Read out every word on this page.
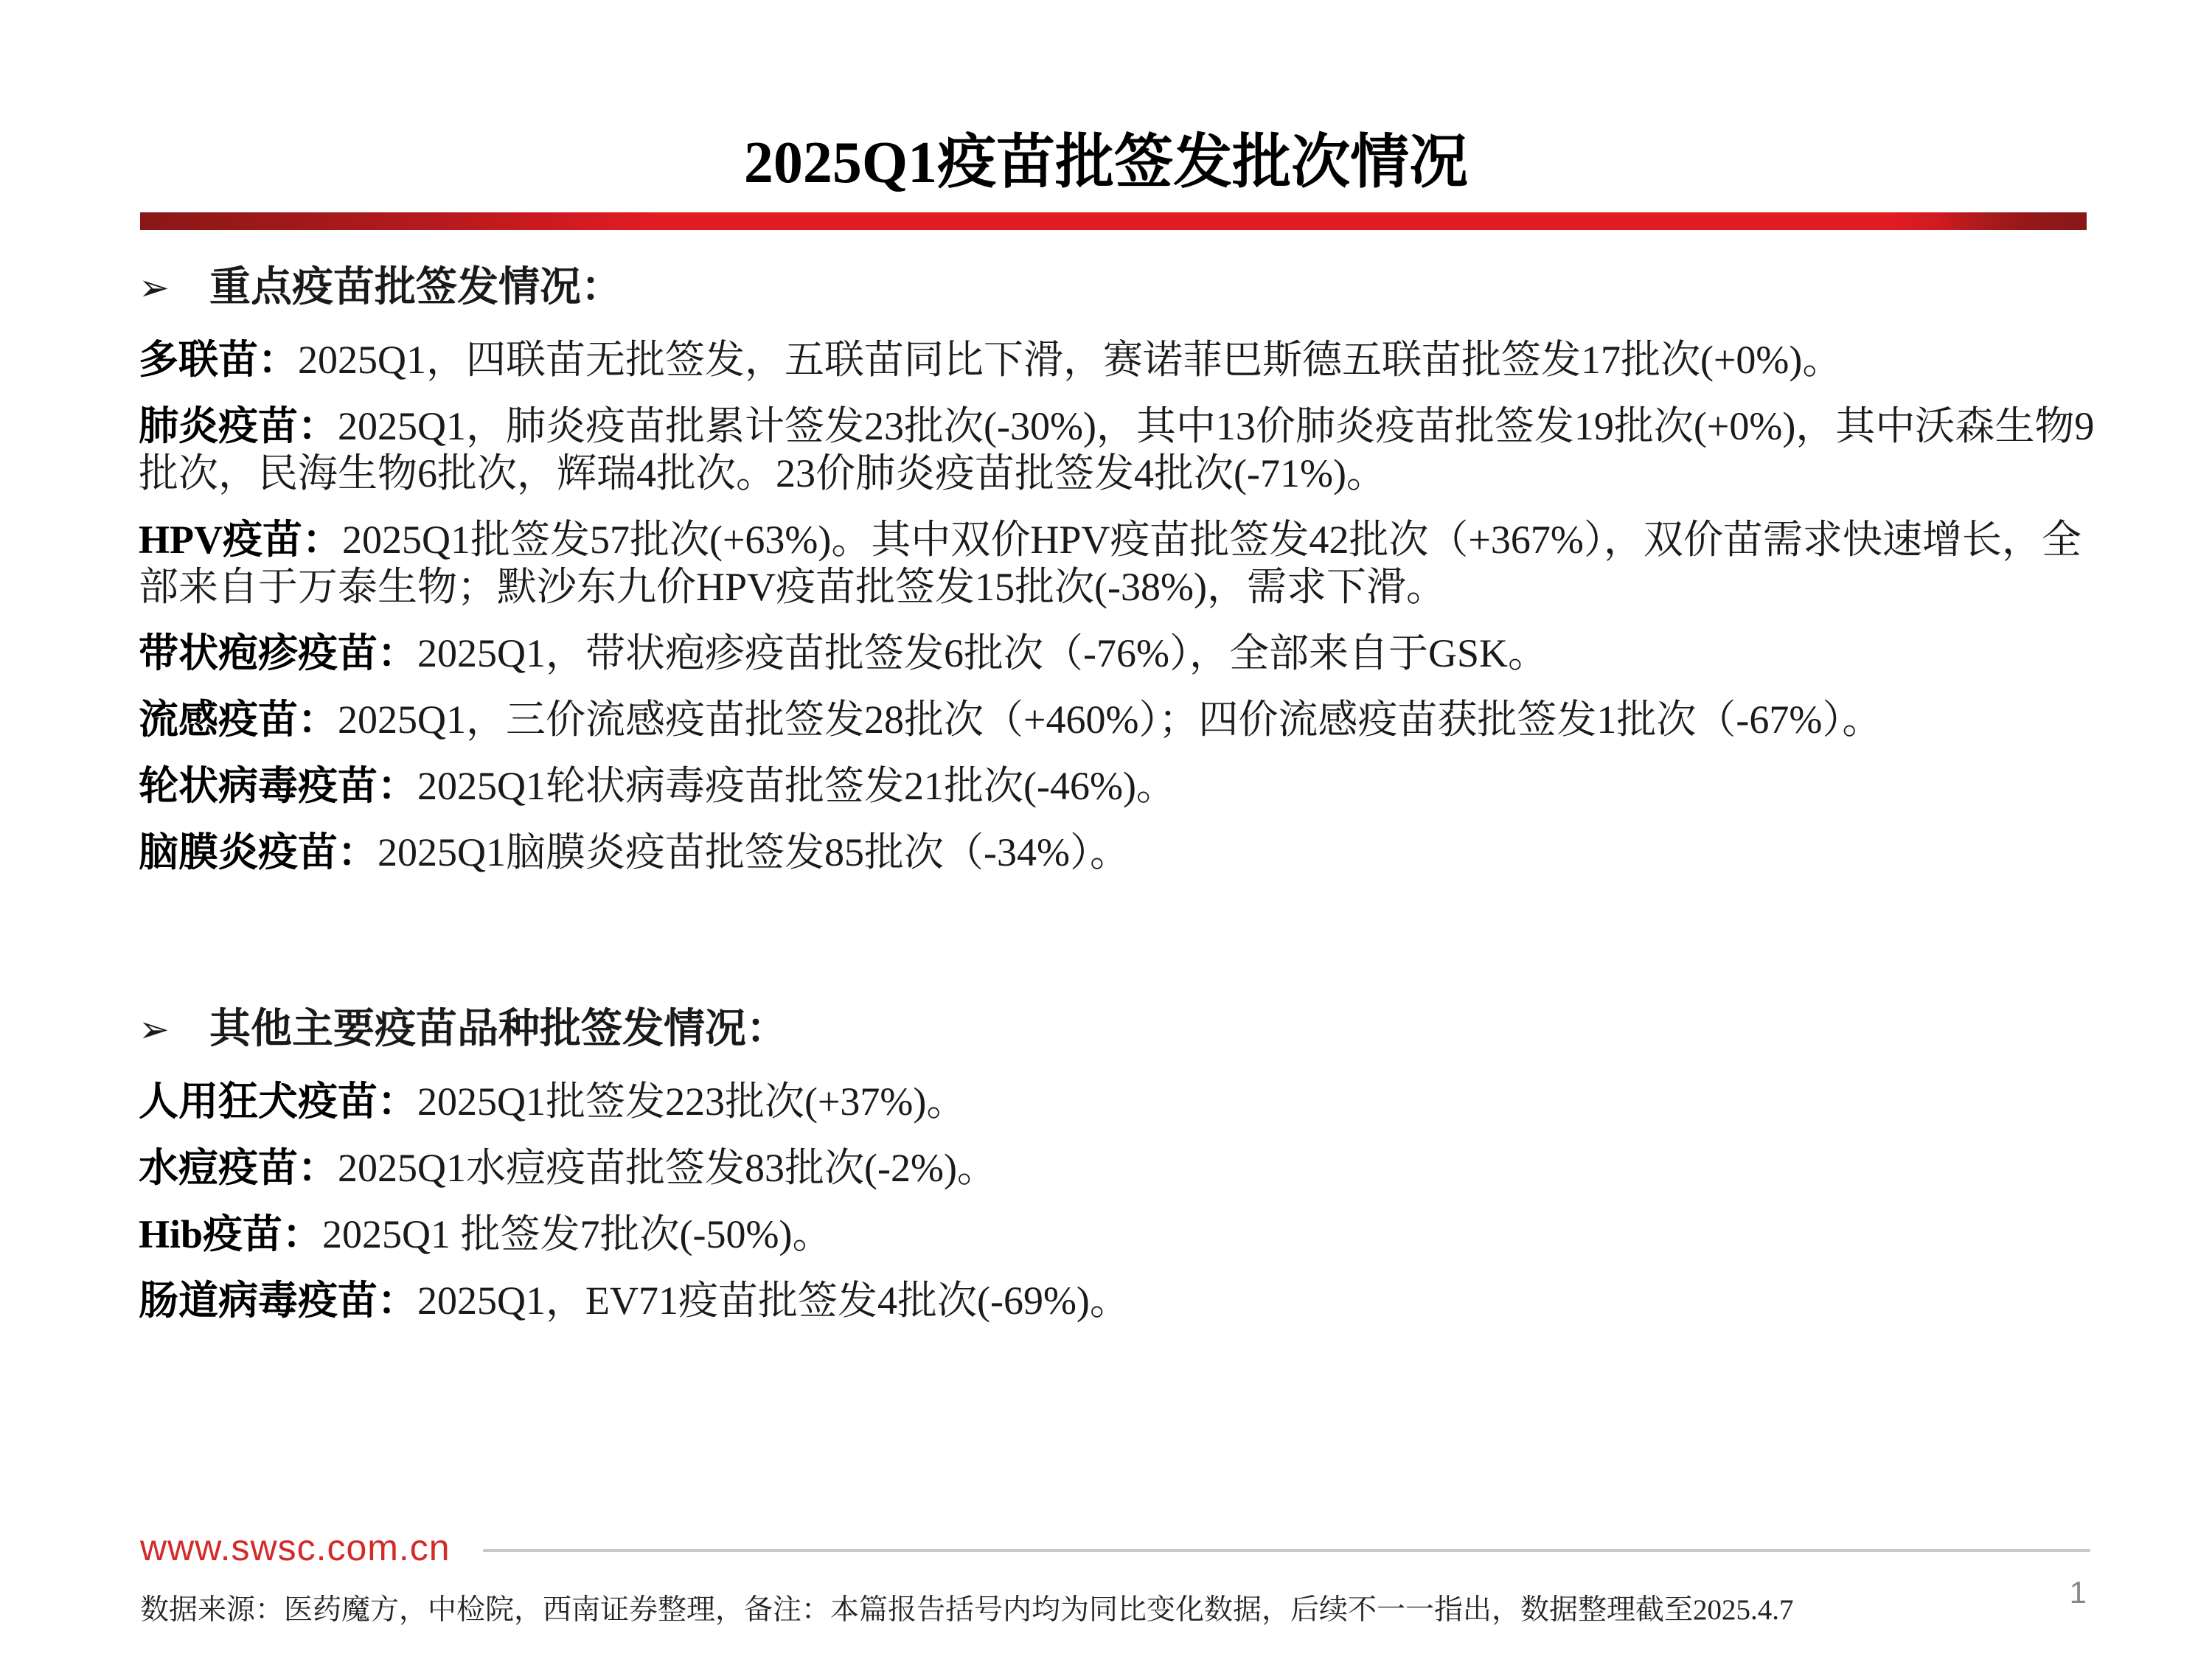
2025Q1疫苗批签发批次情况
➢ 重点疫苗批签发情况：
多联苗：2025Q1，四联苗无批签发，五联苗同比下滑，赛诺菲巴斯德五联苗批签发17批次(+0%)。
肺炎疫苗：2025Q1，肺炎疫苗批累计签发23批次(-30%)，其中13价肺炎疫苗批签发19批次(+0%)，其中沃森生物9批次，民海生物6批次，辉瑞4批次。23价肺炎疫苗批签发4批次(-71%)。
HPV疫苗：2025Q1批签发57批次(+63%)。其中双价HPV疫苗批签发42批次（+367%），双价苗需求快速增长，全部来自于万泰生物；默沙东九价HPV疫苗批签发15批次(-38%)，需求下滑。
带状疱疹疫苗：2025Q1，带状疱疹疫苗批签发6批次（-76%），全部来自于GSK。
流感疫苗：2025Q1，三价流感疫苗批签发28批次（+460%）；四价流感疫苗获批签发1批次（-67%）。
轮状病毒疫苗：2025Q1轮状病毒疫苗批签发21批次(-46%)。
脑膜炎疫苗：2025Q1脑膜炎疫苗批签发85批次（-34%）。
➢ 其他主要疫苗品种批签发情况：
人用狂犬疫苗：2025Q1批签发223批次(+37%)。
水痘疫苗：2025Q1水痘疫苗批签发83批次(-2%)。
Hib疫苗：2025Q1 批签发7批次(-50%)。
肠道病毒疫苗：2025Q1，EV71疫苗批签发4批次(-69%)。
www.swsc.com.cn
数据来源：医药魔方，中检院，西南证券整理，备注：本篇报告括号内均为同比变化数据，后续不一一指出，数据整理截至2025.4.7
1
